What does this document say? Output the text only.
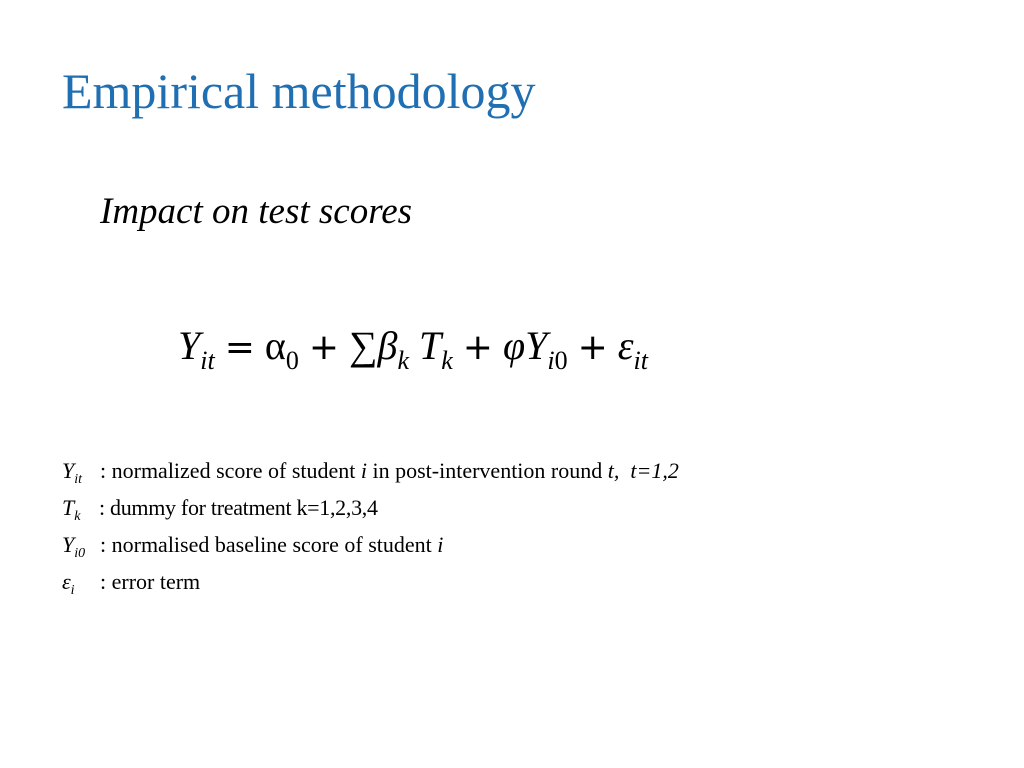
Empirical methodology
Impact on test scores
$Y_{it} = \alpha_0 + \sum\beta_k$ $T_k + \varphi Y_{i0} + \varepsilon_{it}$
$Y_{it}$ : normalized score of student i in post-intervention round t,  t=1,2
$T_k$ : dummy for treatment k=1,2,3,4
$Y_{i0}$ : normalised baseline score of student i
$\varepsilon_i$ : error term
